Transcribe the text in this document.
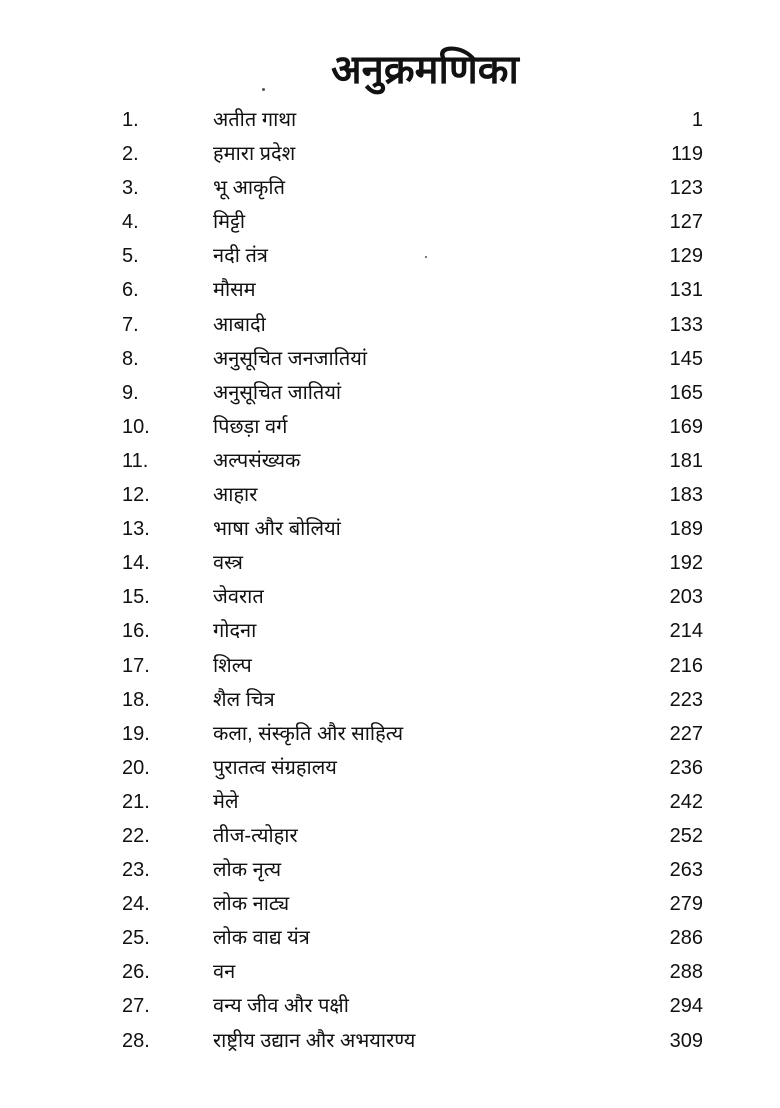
अनुक्रमणिका
1.	अतीत गाथा	1
2.	हमारा प्रदेश	119
3.	भू आकृति	123
4.	मिट्टी	127
5.	नदी तंत्र	129
6.	मौसम	131
7.	आबादी	133
8.	अनुसूचित जनजातियां	145
9.	अनुसूचित जातियां	165
10.	पिछड़ा वर्ग	169
11.	अल्पसंख्यक	181
12.	आहार	183
13.	भाषा और बोलियां	189
14.	वस्त्र	192
15.	जेवरात	203
16.	गोदना	214
17.	शिल्प	216
18.	शैल चित्र	223
19.	कला, संस्कृति और साहित्य	227
20.	पुरातत्व संग्रहालय	236
21.	मेले	242
22.	तीज-त्योहार	252
23.	लोक नृत्य	263
24.	लोक नाट्य	279
25.	लोक वाद्य यंत्र	286
26.	वन	288
27.	वन्य जीव और पक्षी	294
28.	राष्ट्रीय उद्यान और अभयारण्य	309
